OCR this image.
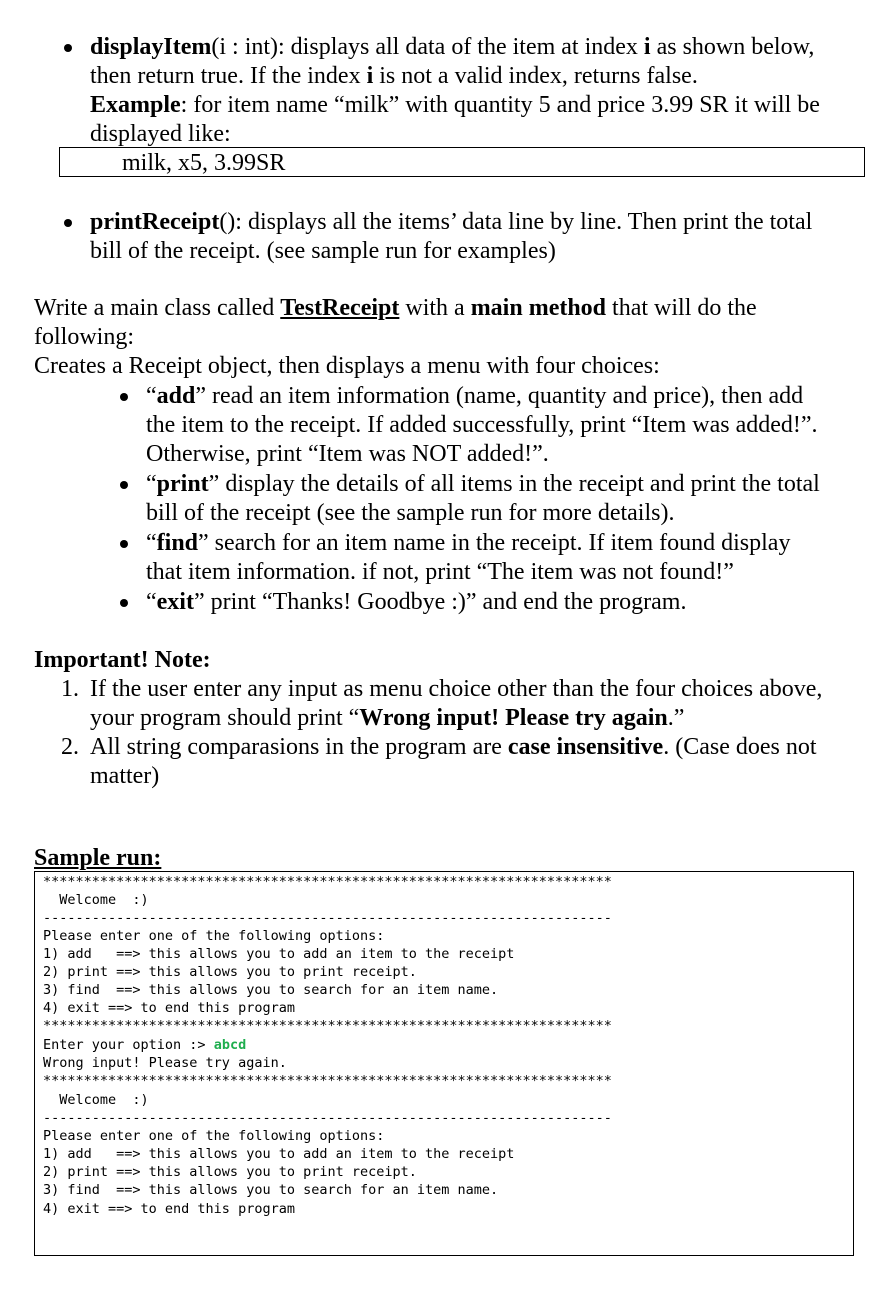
displayItem(i : int): displays all data of the item at index i as shown below,
then return true. If the index i is not a valid index, returns false.
Example: for item name “milk” with quantity 5 and price 3.99 SR it will be
displayed like:
milk, x5, 3.99SR
printReceipt(): displays all the items’ data line by line. Then print the total
bill of the receipt. (see sample run for examples)
Write a main class called TestReceipt with a main method that will do the
following:
Creates a Receipt object, then displays a menu with four choices:
“add” read an item information (name, quantity and price), then add
the item to the receipt. If added successfully, print “Item was added!”.
Otherwise, print “Item was NOT added!”.
“print” display the details of all items in the receipt and print the total
bill of the receipt (see the sample run for more details).
“find” search for an item name in the receipt. If item found display
that item information. if not, print “The item was not found!”
“exit” print “Thanks! Goodbye :)” and end the program.
Important! Note:
1. If the user enter any input as menu choice other than the four choices above,
your program should print “Wrong input! Please try again.”
2. All string comparasions in the program are case insensitive. (Case does not
matter)
Sample run:
**********************************************************************
Welcome  :)
----------------------------------------------------------------------
Please enter one of the following options:
1) add   ==> this allows you to add an item to the receipt
2) print ==> this allows you to print receipt.
3) find  ==> this allows you to search for an item name.
4) exit ==> to end this program
**********************************************************************
Enter your option :> abcd
Wrong input! Please try again.
**********************************************************************
Welcome  :)
----------------------------------------------------------------------
Please enter one of the following options:
1) add   ==> this allows you to add an item to the receipt
2) print ==> this allows you to print receipt.
3) find  ==> this allows you to search for an item name.
4) exit ==> to end this program
